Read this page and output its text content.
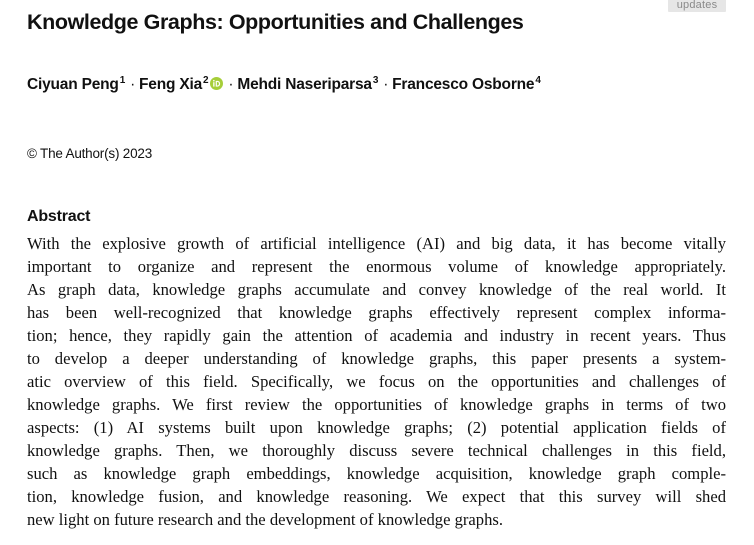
updates
Knowledge Graphs: Opportunities and Challenges
Ciyuan Peng$^1$ · Feng Xia$^2$ · Mehdi Naseriparsa$^3$ · Francesco Osborne$^4$
© The Author(s) 2023
Abstract
With the explosive growth of artificial intelligence (AI) and big data, it has become vitally
important to organize and represent the enormous volume of knowledge appropriately.
As graph data, knowledge graphs accumulate and convey knowledge of the real world. It
has been well-recognized that knowledge graphs effectively represent complex informa-
tion; hence, they rapidly gain the attention of academia and industry in recent years. Thus
to develop a deeper understanding of knowledge graphs, this paper presents a system-
atic overview of this field. Specifically, we focus on the opportunities and challenges of
knowledge graphs. We first review the opportunities of knowledge graphs in terms of two
aspects: (1) AI systems built upon knowledge graphs; (2) potential application fields of
knowledge graphs. Then, we thoroughly discuss severe technical challenges in this field,
such as knowledge graph embeddings, knowledge acquisition, knowledge graph comple-
tion, knowledge fusion, and knowledge reasoning. We expect that this survey will shed
new light on future research and the development of knowledge graphs.
